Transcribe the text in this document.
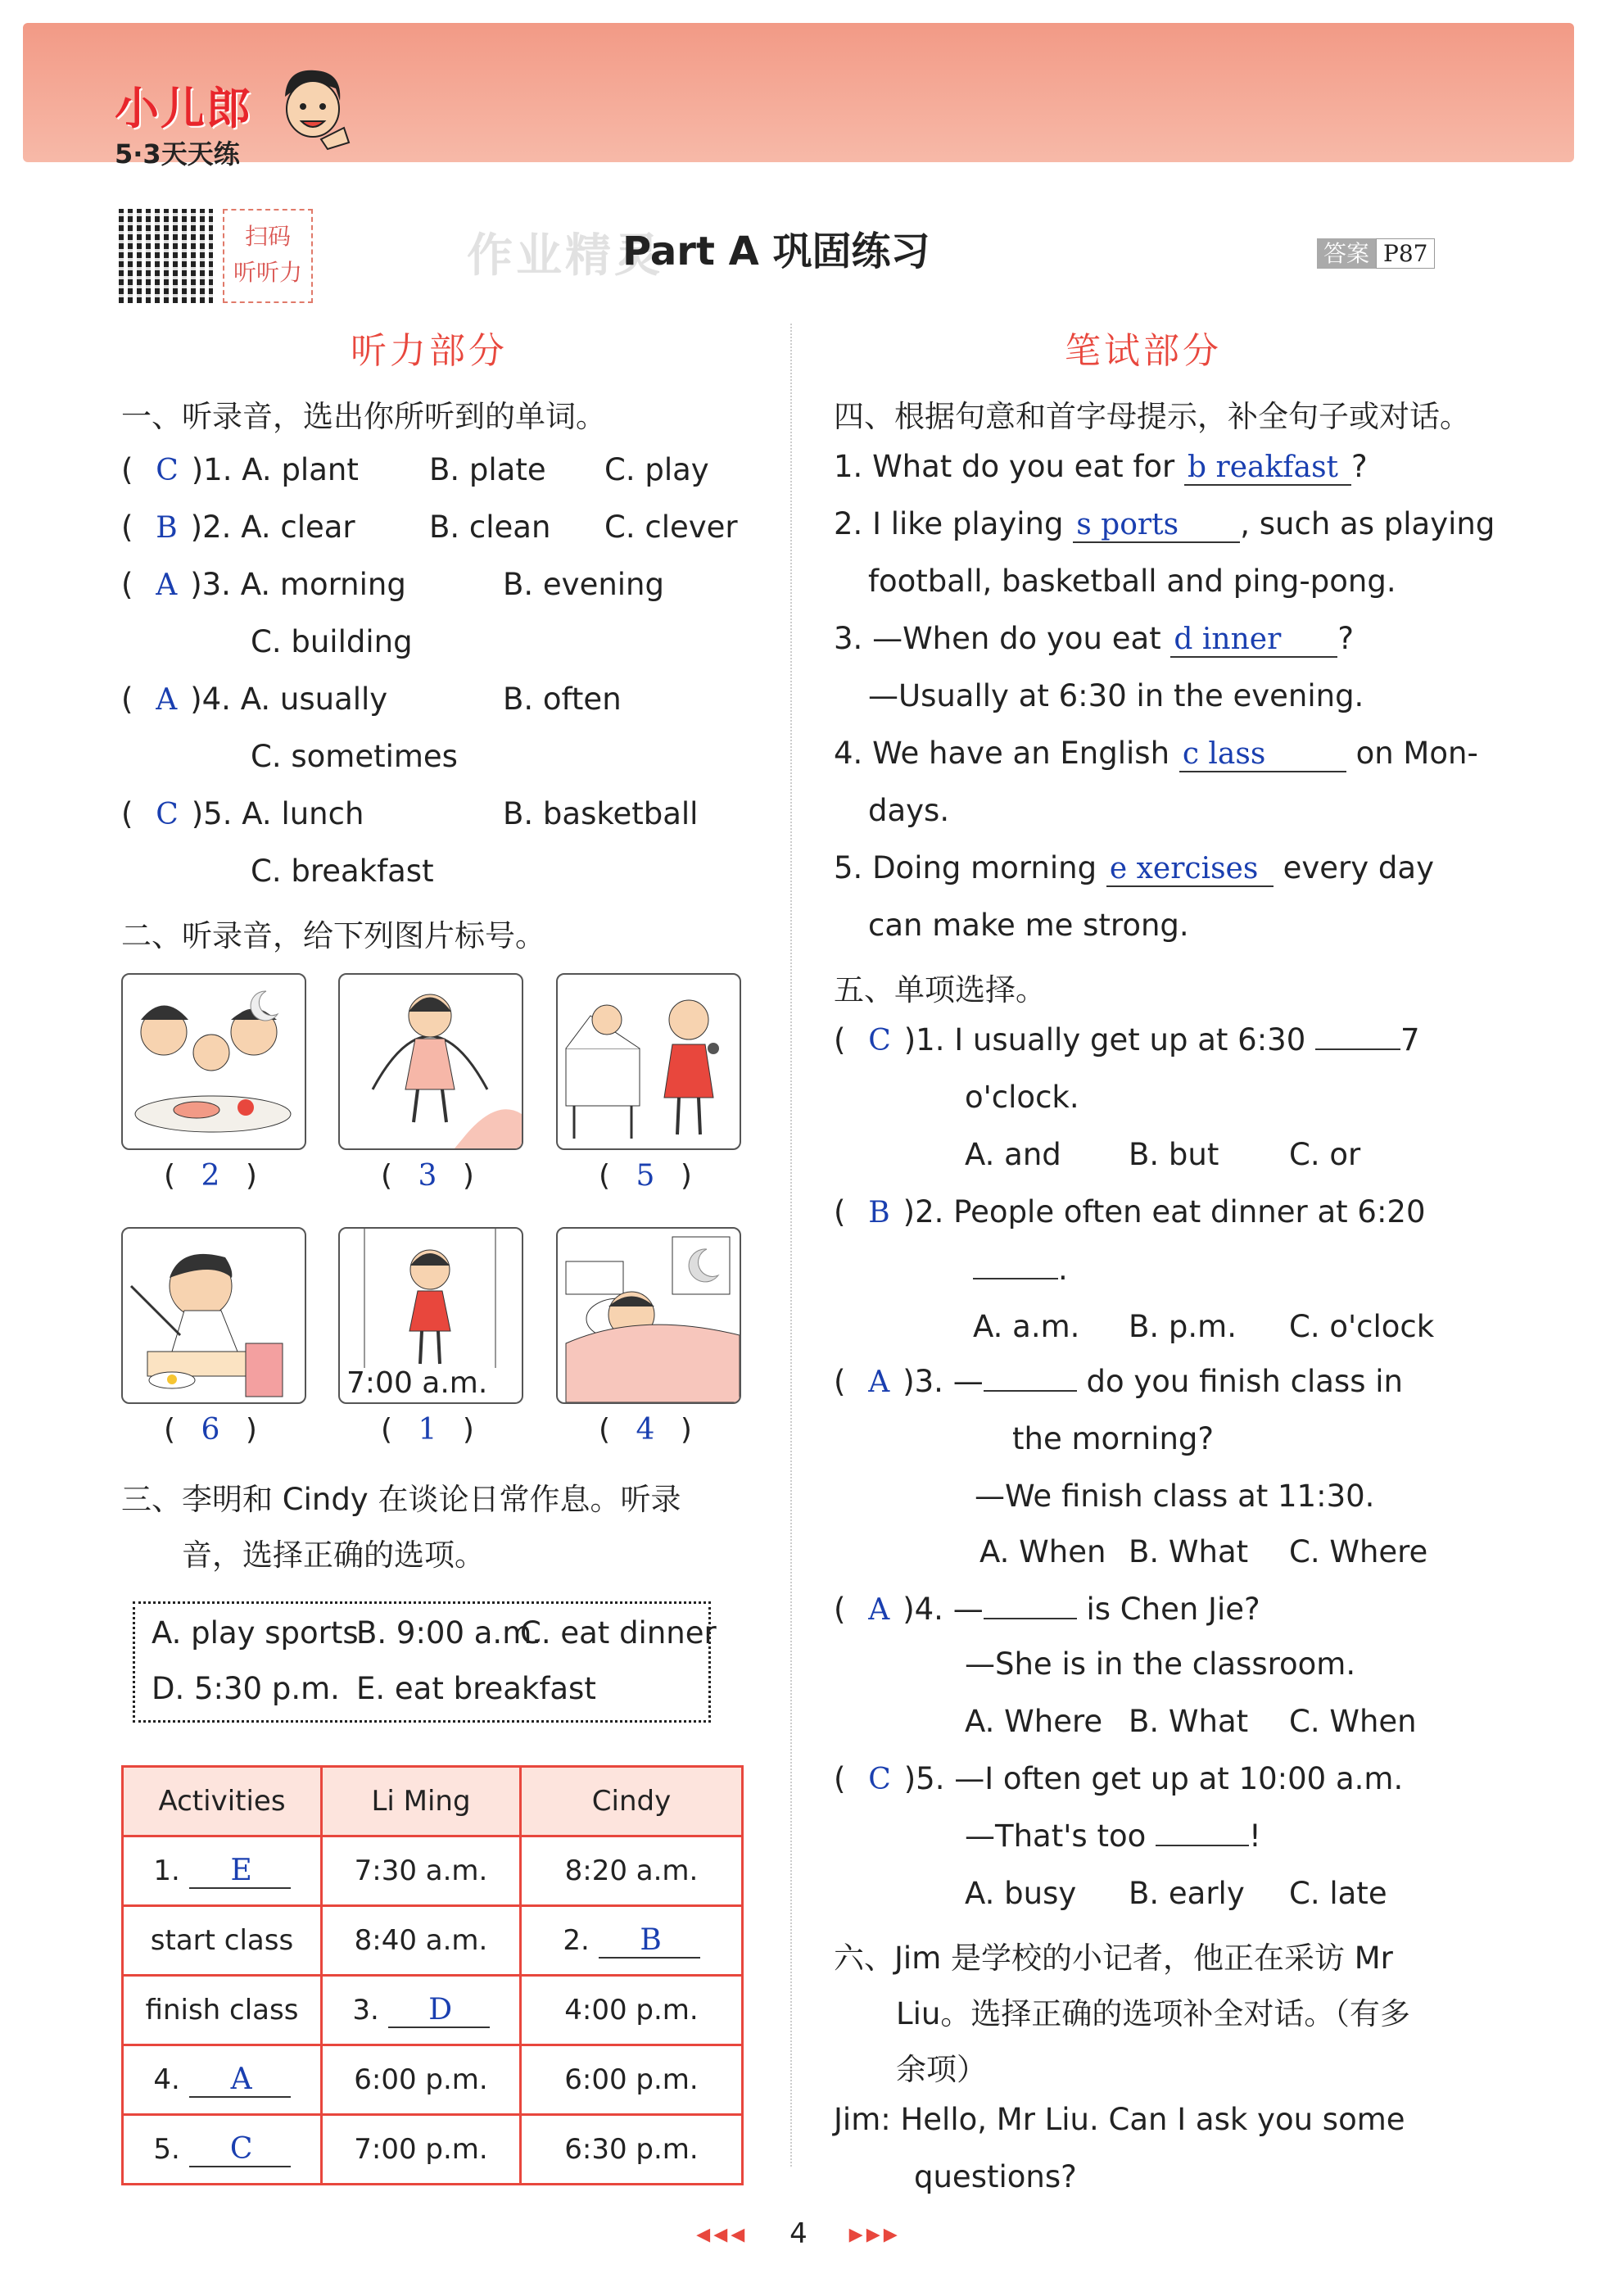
小儿郎
5·3天天练
扫码
听听力	作业精灵
Part A 巩固练习	答案 P87
听力部分
一、听录音，选出你所听到的单词。
( C )1. A. plant B. plate C. play
( B )2. A. clear B. clean C. clever
( A )3. A. morning	B. evening
C. building
( A )4. A. usually	B. often
C. sometimes
( C )5. A. lunch	B. basketball
C. breakfast
二、听录音，给下列图片标号。
( 2 )	( 3 )	( 5 )
( 6 )
7:00 a.m.
( 1 )	( 4 )
三、李明和 Cindy 在谈论日常作息。听录
音，选择正确的选项。
A. play sports
B. 9:00 a.m.
C. eat dinner
D. 5:30 p.m. E. eat breakfast
Activities	Li Ming	Cindy
1. E	7:30 a.m.	8:20 a.m.
start class	8:40 a.m.	2. B
finish class	3. D	4:00 p.m.
4. A	6:00 p.m.	6:00 p.m.
5. C	7:00 p.m.	6:30 p.m.
笔试部分
四、根据句意和首字母提示，补全句子或对话。
1. What do you eat for b reakfast ?
2. I like playing s ports , such as playing
football, basketball and ping-pong.
3. —When do you eat d inner ?
—Usually at 6:30 in the evening.
4. We have an English c lass	on Mon-
days.
5. Doing morning e xercises every day
can make me strong.
五、单项选择。
( C )1. I usually get up at 6:30	7
o'clock.
A. and B. but C. or
( B )2. People often eat dinner at 6:20
.
A. a.m. B. p.m. C. o'clock
( A )3. —	do you finish class in
the morning?
—We finish class at 11:30.
A. When B. What C. Where
( A )4. —	is Chen Jie?
—She is in the classroom.
A. Where B. What C. When
( C )5. —I often get up at 10:00 a.m.
—That's too	!
A. busy B. early C. late
六、Jim 是学校的小记者，他正在采访 Mr
Liu。选择正确的选项补全对话。（有多
余项）
Jim: Hello, Mr Liu. Can I ask you some
questions?
◂◂◂ 4 ▸▸▸
